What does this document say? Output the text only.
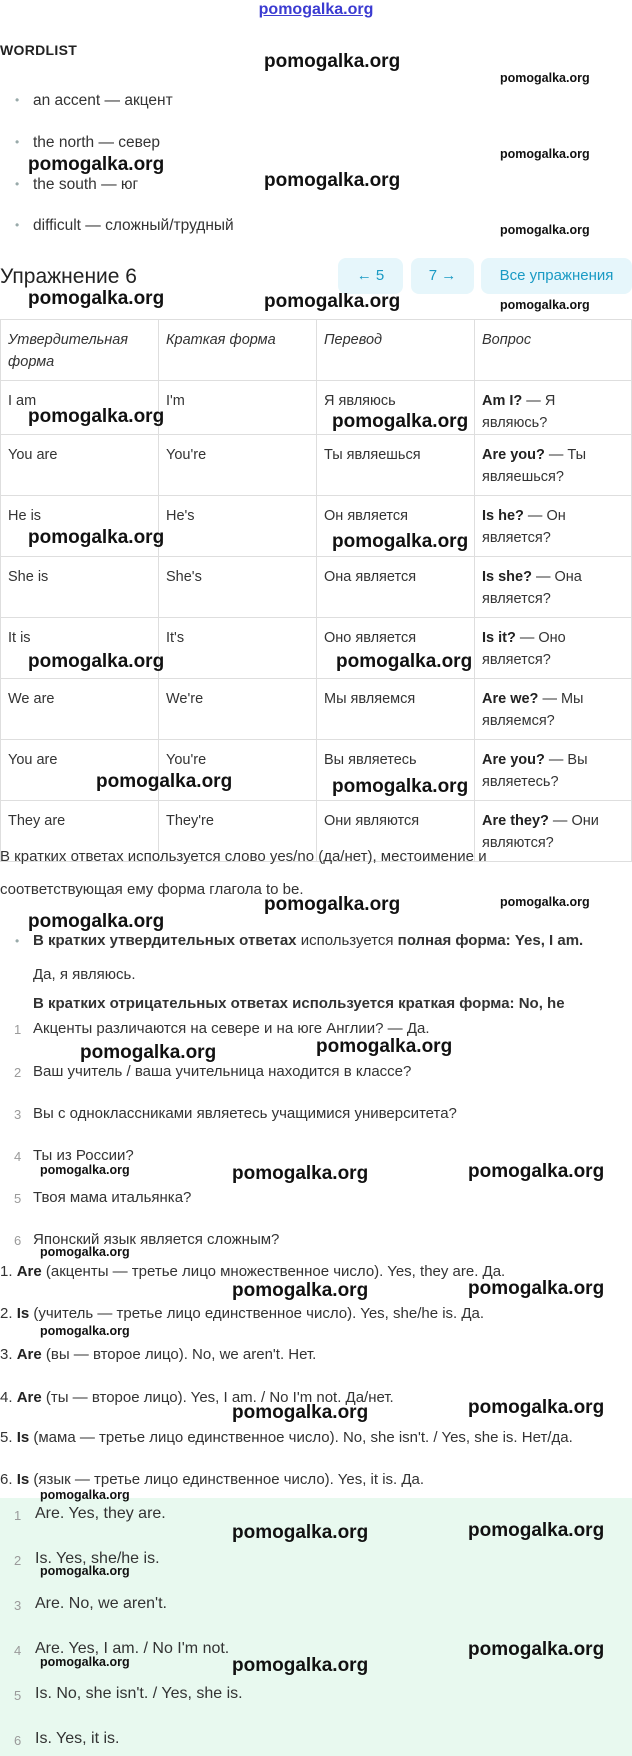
pomogalka.org
WORDLIST
• an accent — акцент
• the north — север
• the south — юг
• difficult — сложный/трудный
Упражнение 6	← 5	7 →	Все упражнения
Утвердительная форма	Краткая форма	Перевод	Вопрос
I am	I'm	Я являюсь	Am I? — Я являюсь?
You are	You're	Ты являешься	Are you? — Ты являешься?
He is	He's	Он является	Is he? — Он является?
She is	She's	Она является	Is she? — Она является?
It is	It's	Оно является	Is it? — Оно является?
We are	We're	Мы являемся	Are we? — Мы являемся?
You are	You're	Вы являетесь	Are you? — Вы являетесь?
They are	They're	Они являются	Are they? — Они являются?
В кратких ответах используется слово yes/no (да/нет), местоимение и
соответствующая ему форма глагола to be.
• В кратких утвердительных ответах используется полная форма: Yes, I am.
Да, я являюсь.
В кратких отрицательных ответах используется краткая форма: No, he
1 Акценты различаются на севере и на юге Англии? — Да.
2 Ваш учитель / ваша учительница находится в классе?
3 Вы с одноклассниками являетесь учащимися университета?
4 Ты из России?
5 Твоя мама итальянка?
6 Японский язык является сложным?
1. Are (акценты — третье лицо множественное число). Yes, they are. Да.
2. Is (учитель — третье лицо единственное число). Yes, she/he is. Да.
3. Are (вы — второе лицо). No, we aren't. Нет.
4. Are (ты — второе лицо). Yes, I am. / No I'm not. Да/нет.
5. Is (мама — третье лицо единственное число). No, she isn't. / Yes, she is. Нет/да.
6. Is (язык — третье лицо единственное число). Yes, it is. Да.
1 Are. Yes, they are.
2 Is. Yes, she/he is.
3 Are. No, we aren't.
4 Are. Yes, I am. / No I'm not.
5 Is. No, she isn't. / Yes, she is.
6 Is. Yes, it is.
pomogalka.org
pomogalka.org
pomogalka.org
pomogalka.org
pomogalka.org
pomogalka.org
pomogalka.org	pomogalka.org	pomogalka.org
pomogalka.org	pomogalka.org
pomogalka.org	pomogalka.org
pomogalka.org	pomogalka.org
pomogalka.org	pomogalka.org
pomogalka.org	pomogalka.org
pomogalka.org
pomogalka.org
pomogalka.org
pomogalka.org	pomogalka.org
pomogalka.org
pomogalka.org
pomogalka.org	pomogalka.org
pomogalka.org
pomogalka.org
pomogalka.org
pomogalka.org
pomogalka.org
pomogalka.org
pomogalka.org
pomogalka.org
pomogalka.org	pomogalka.org
